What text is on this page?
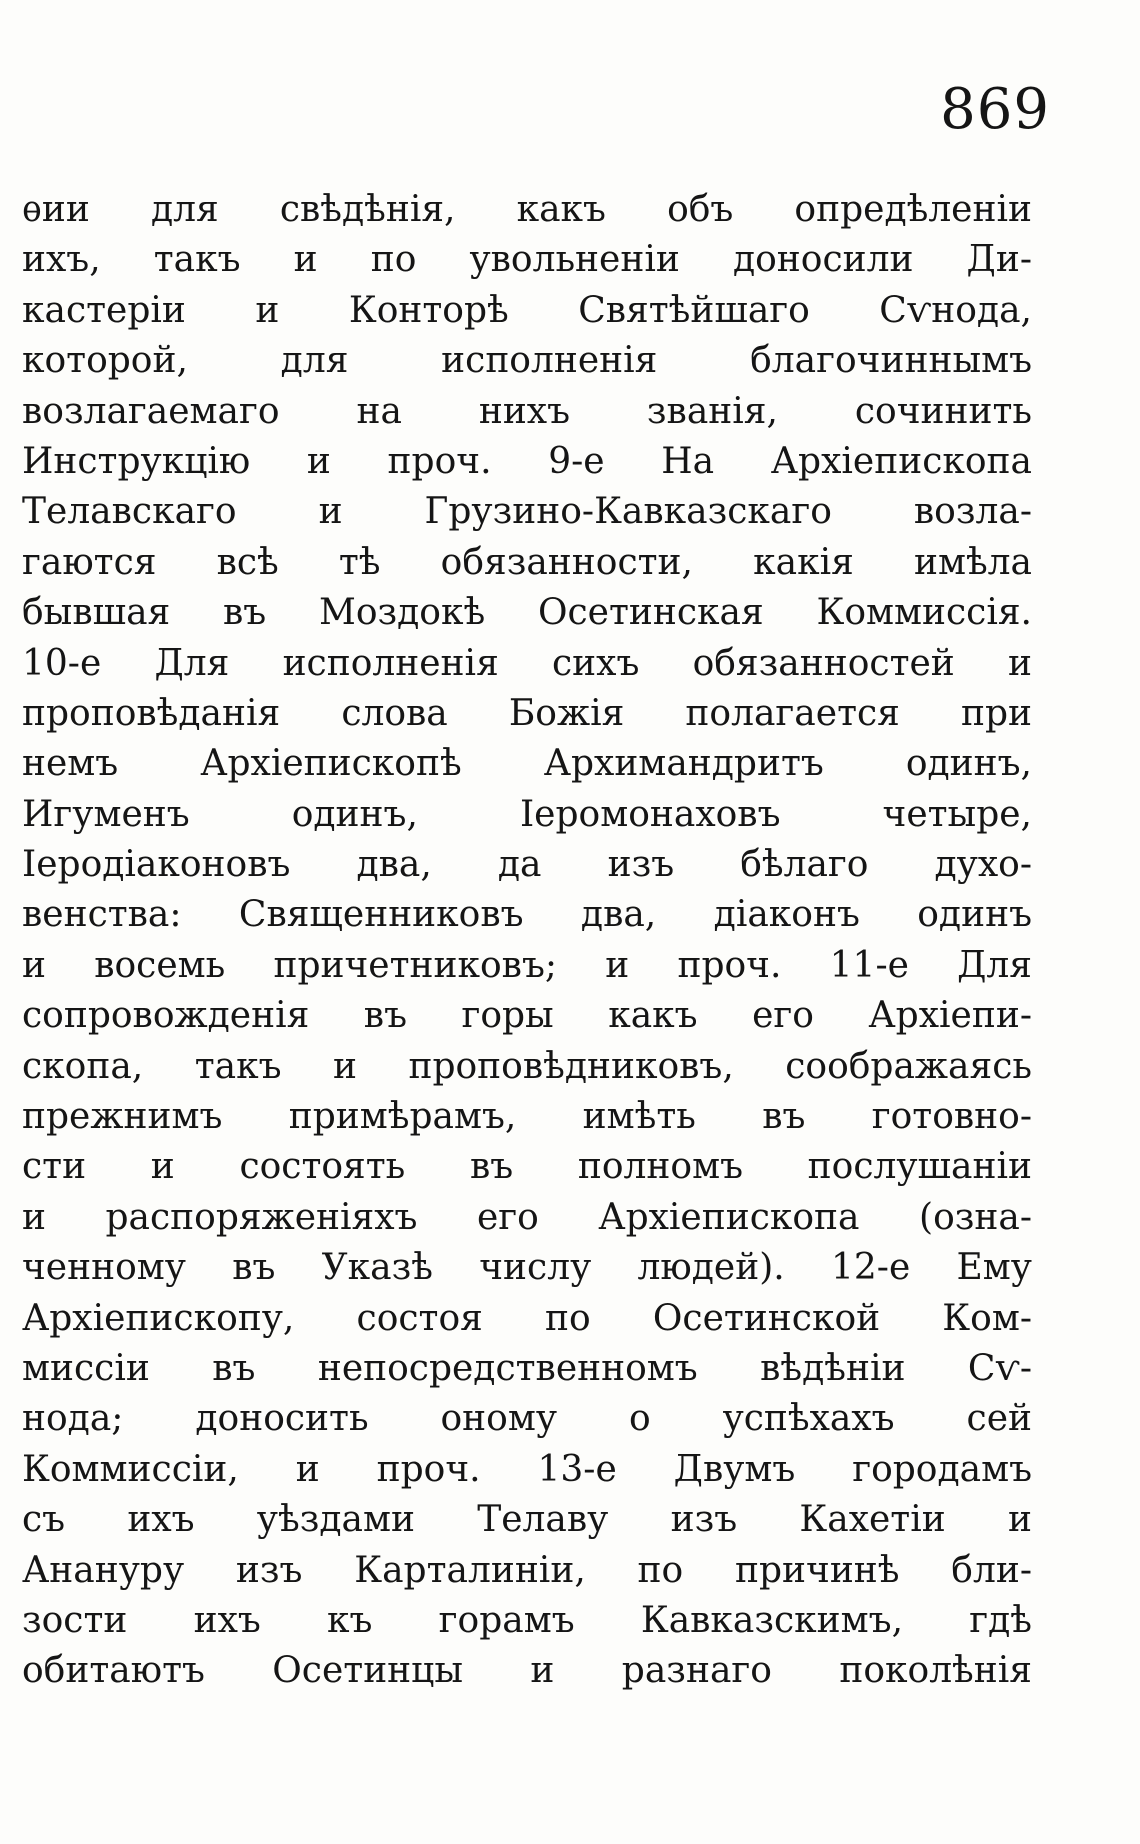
869
ѳии для свѣдѣнія, какъ объ опредѣленіи
ихъ, такъ и по увольненіи доносили Ди-
кастеріи и Конторѣ Святѣйшаго Сѵнода,
которой, для исполненія благочиннымъ
возлагаемаго на нихъ званія, сочинить
Инструкцію и проч. 9-е На Архіепископа
Телавскаго и Грузино-Кавказскаго возла-
гаются всѣ тѣ обязанности, какія имѣла
бывшая въ Моздокѣ Осетинская Коммиссія.
10-е Для исполненія сихъ обязанностей и
проповѣданія слова Божія полагается при
немъ Архіепископѣ Архимандритъ одинъ,
Игуменъ одинъ, Іеромонаховъ четыре,
Іеродіаконовъ два, да изъ бѣлаго духо-
венства: Священниковъ два, діаконъ одинъ
и восемь причетниковъ; и проч. 11-е Для
сопровожденія въ горы какъ его Архіепи-
скопа, такъ и проповѣдниковъ, соображаясь
прежнимъ примѣрамъ, имѣть въ готовно-
сти и состоять въ полномъ послушаніи
и распоряженіяхъ его Архіепископа (озна-
ченному въ Указѣ числу людей). 12-е Ему
Архіепископу, состоя по Осетинской Ком-
миссіи въ непосредственномъ вѣдѣніи Сѵ-
нода; доносить оному о успѣхахъ сей
Коммиссіи, и проч. 13-е Двумъ городамъ
съ ихъ уѣздами Телаву изъ Кахетіи и
Анануру изъ Карталиніи, по причинѣ бли-
зости ихъ къ горамъ Кавказскимъ, гдѣ
обитаютъ Осетинцы и разнаго поколѣнія
